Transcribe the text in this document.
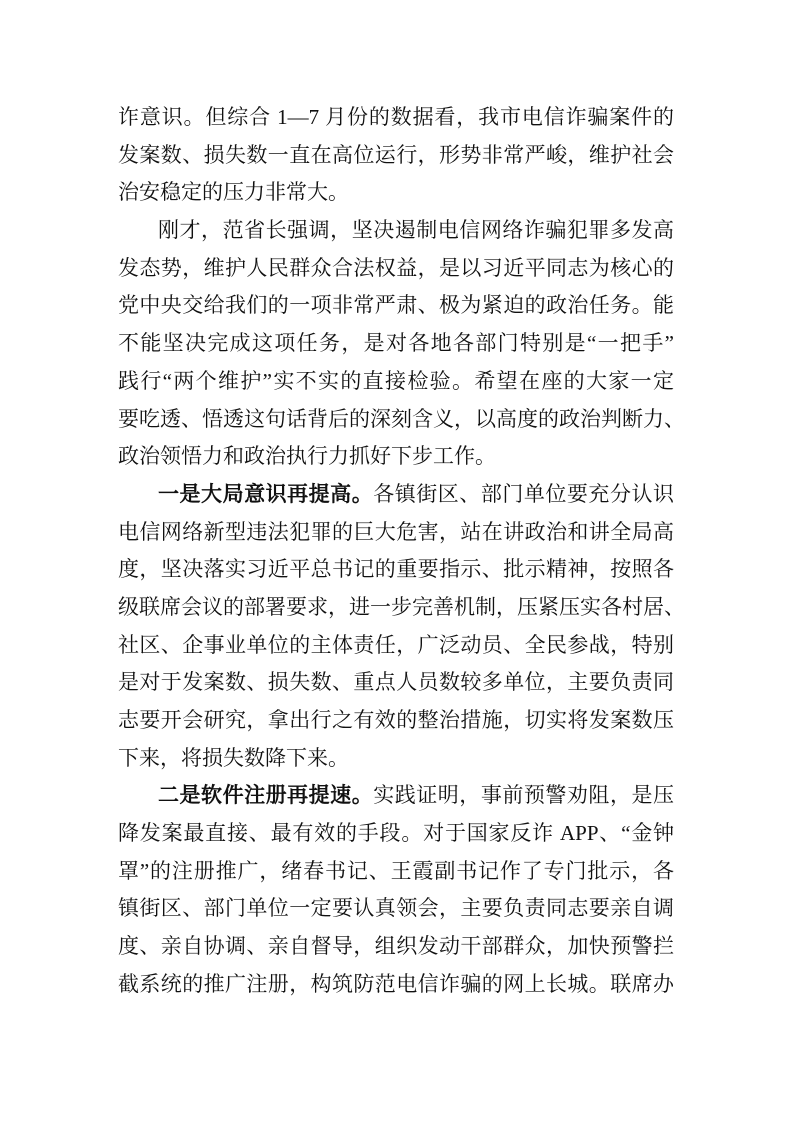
诈意识。但综合 1—7 月份的数据看，我市电信诈骗案件的
发案数、损失数一直在高位运行，形势非常严峻，维护社会
治安稳定的压力非常大。
刚才，范省长强调，坚决遏制电信网络诈骗犯罪多发高
发态势，维护人民群众合法权益，是以习近平同志为核心的
党中央交给我们的一项非常严肃、极为紧迫的政治任务。能
不能坚决完成这项任务，是对各地各部门特别是“一把手”
践行“两个维护”实不实的直接检验。希望在座的大家一定
要吃透、悟透这句话背后的深刻含义，以高度的政治判断力、
政治领悟力和政治执行力抓好下步工作。
一是大局意识再提高。各镇街区、部门单位要充分认识
电信网络新型违法犯罪的巨大危害，站在讲政治和讲全局高
度，坚决落实习近平总书记的重要指示、批示精神，按照各
级联席会议的部署要求，进一步完善机制，压紧压实各村居、
社区、企事业单位的主体责任，广泛动员、全民参战，特别
是对于发案数、损失数、重点人员数较多单位，主要负责同
志要开会研究，拿出行之有效的整治措施，切实将发案数压
下来，将损失数降下来。
二是软件注册再提速。实践证明，事前预警劝阻，是压
降发案最直接、最有效的手段。对于国家反诈 APP、“金钟
罩”的注册推广，绪春书记、王霞副书记作了专门批示，各
镇街区、部门单位一定要认真领会，主要负责同志要亲自调
度、亲自协调、亲自督导，组织发动干部群众，加快预警拦
截系统的推广注册，构筑防范电信诈骗的网上长城。联席办
